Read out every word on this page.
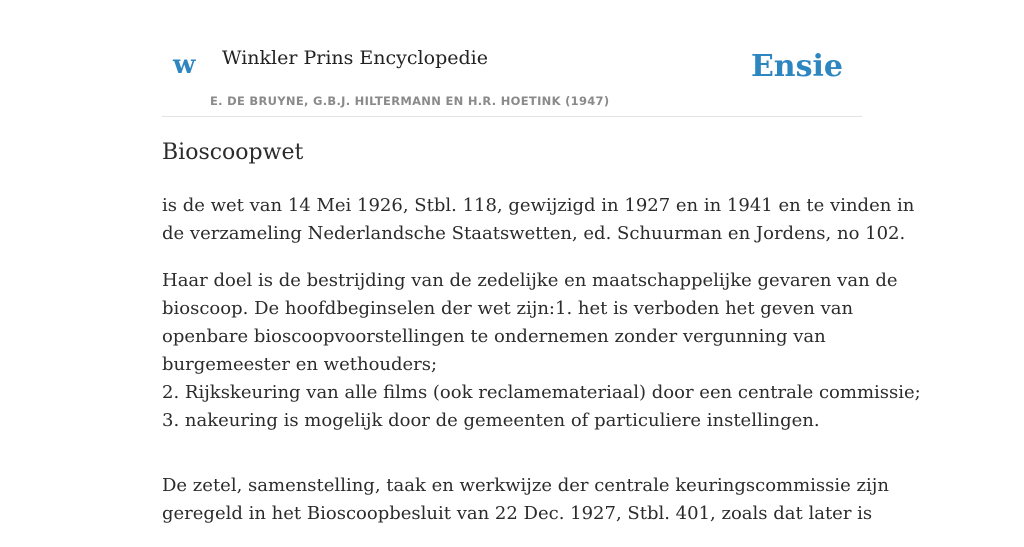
w Winkler Prins Encyclopedie
E. DE BRUYNE, G.B.J. HILTERMANN EN H.R. HOETINK (1947)
Ensie
Bioscoopwet

is de wet van 14 Mei 1926, Stbl. 118, gewijzigd in 1927 en in 1941 en te vinden in
de verzameling Nederlandsche Staatswetten, ed. Schuurman en Jordens, no 102.

Haar doel is de bestrijding van de zedelijke en maatschappelijke gevaren van de
bioscoop. De hoofdbeginselen der wet zijn:1. het is verboden het geven van
openbare bioscoopvoorstellingen te ondernemen zonder vergunning van
burgemeester en wethouders;
2. Rijkskeuring van alle films (ook reclamemateriaal) door een centrale commissie;
3. nakeuring is mogelijk door de gemeenten of particuliere instellingen.

De zetel, samenstelling, taak en werkwijze der centrale keuringscommissie zijn
geregeld in het Bioscoopbesluit van 22 Dec. 1927, Stbl. 401, zoals dat later is
